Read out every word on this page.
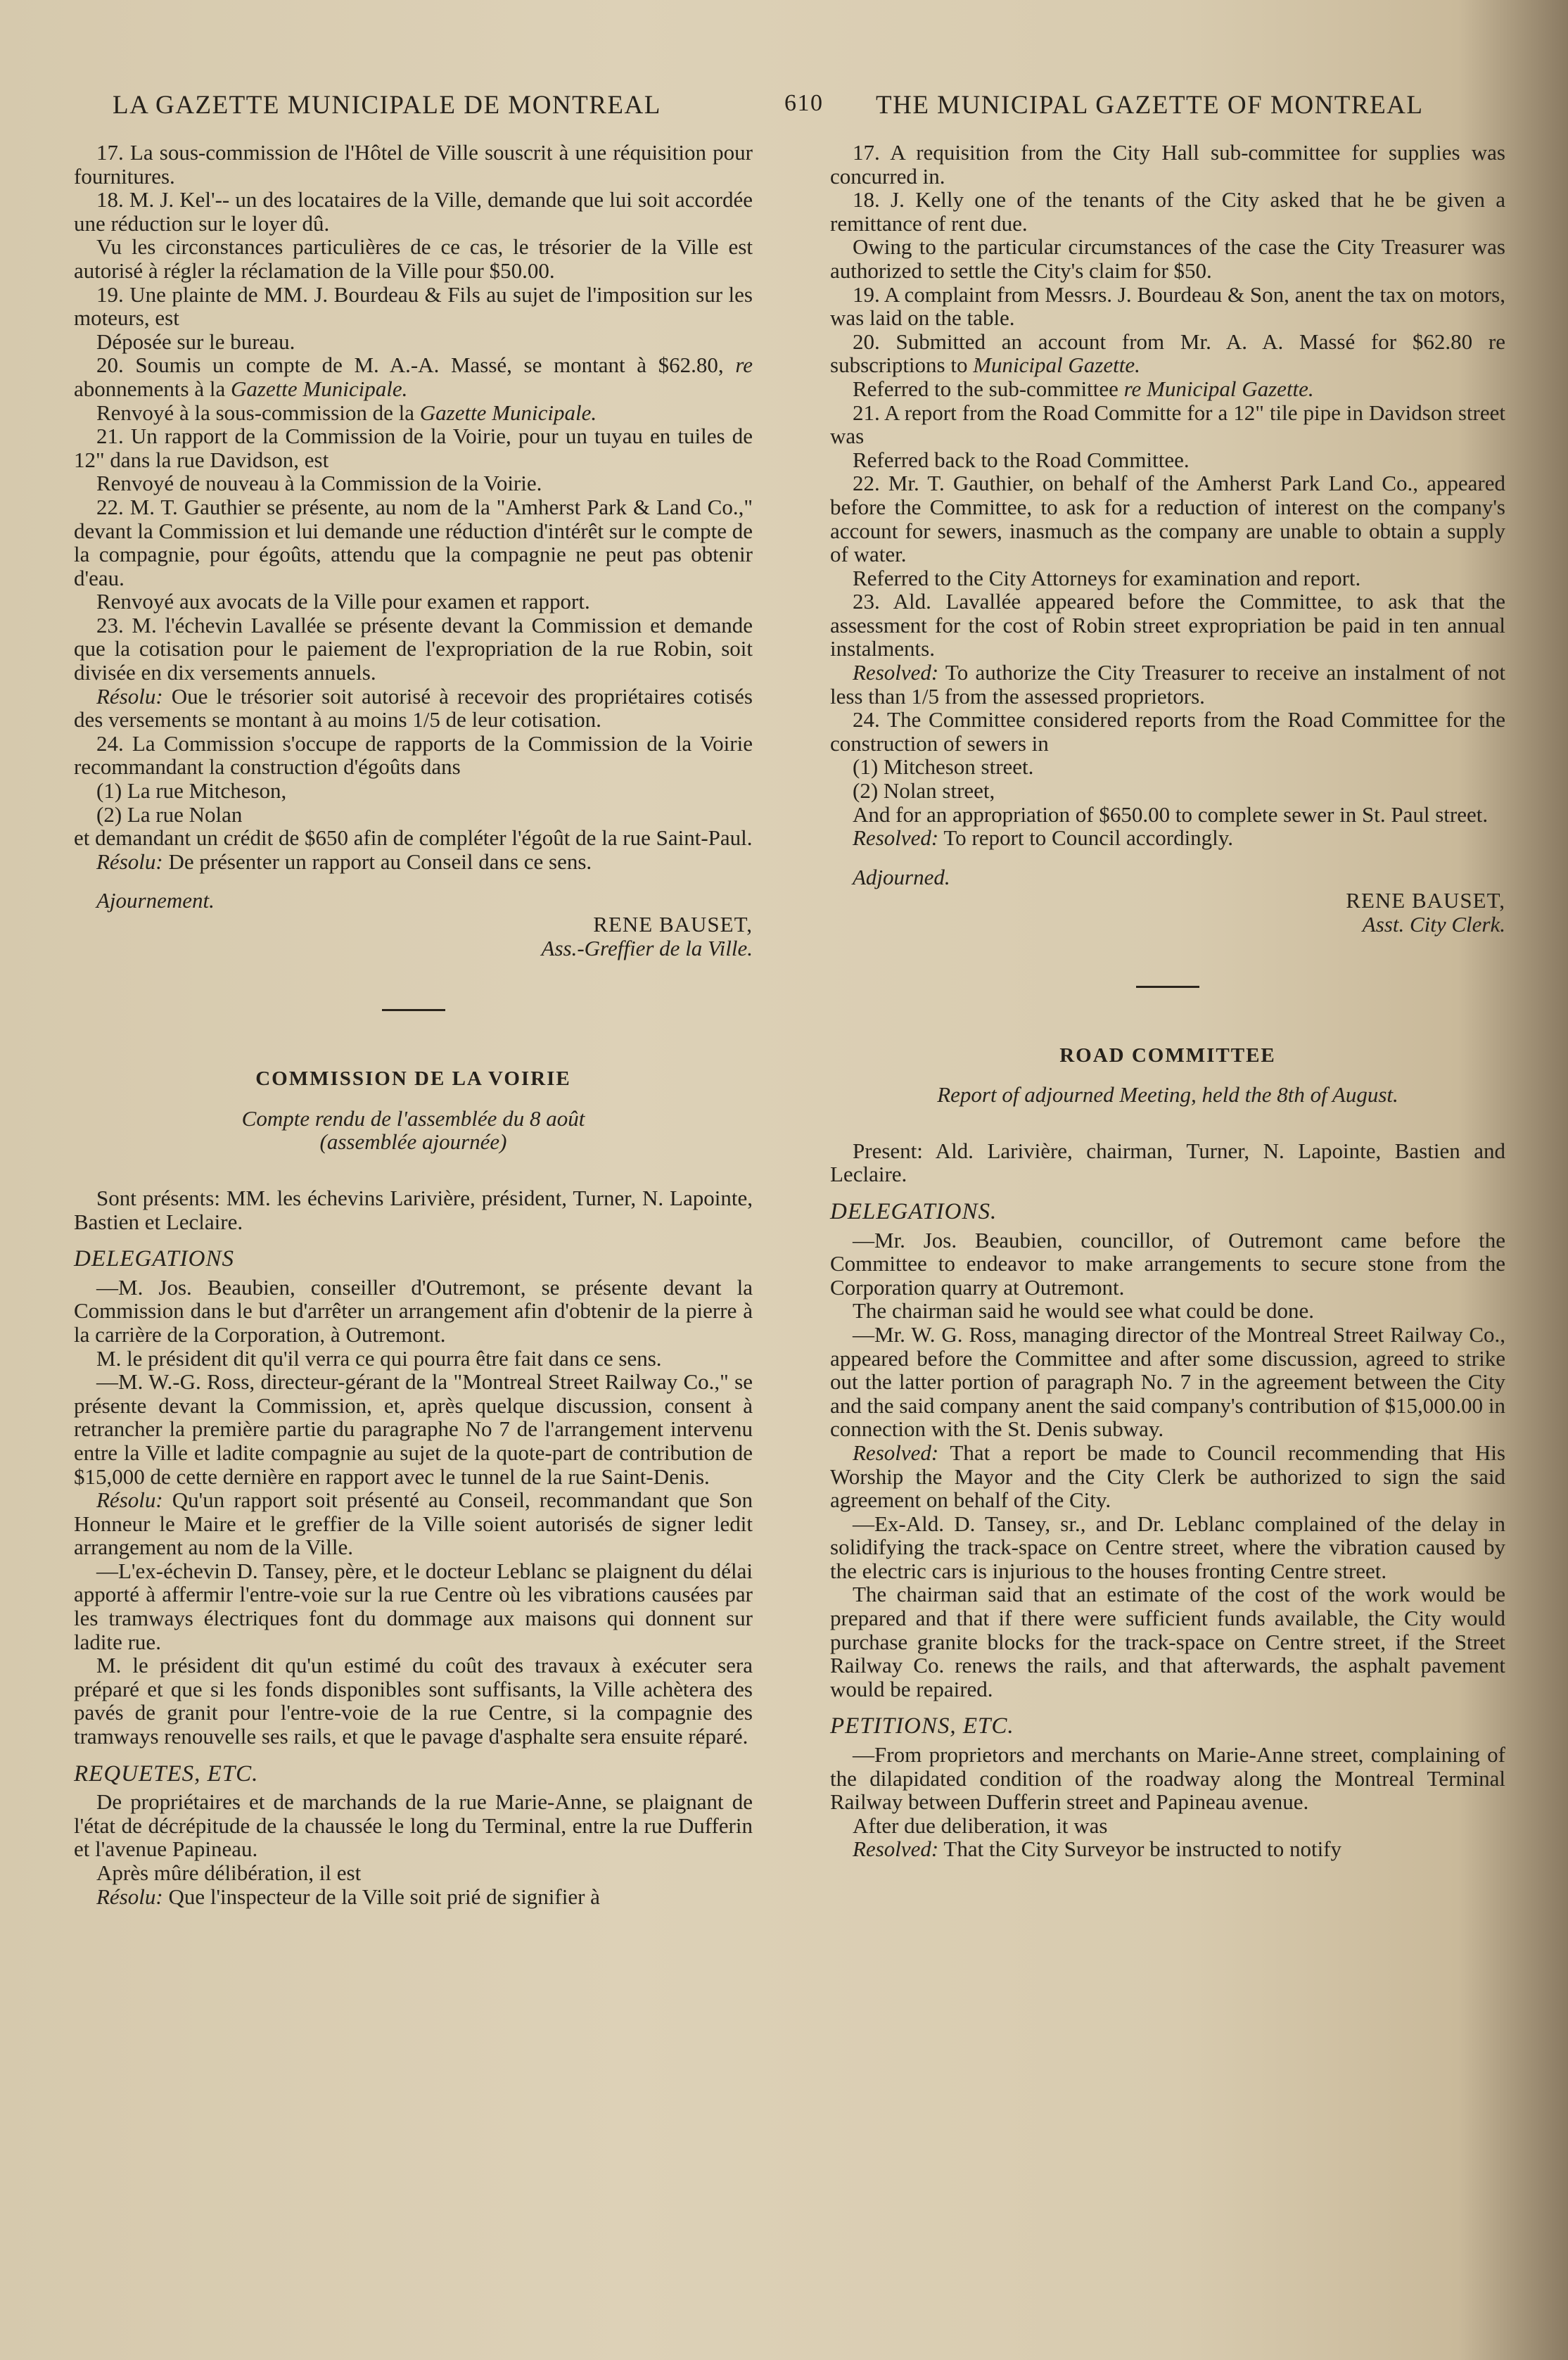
LA GAZETTE MUNICIPALE DE MONTREAL	610 THE MUNICIPAL GAZETTE OF MONTREAL

17. La sous-commission de l'Hôtel de Ville souscrit à une réquisition pour fournitures.

18. M. J. Kel'-- un des locataires de la Ville, demande que lui soit accordée une réduction sur le loyer dû.

Vu les circonstances particulières de ce cas, le trésorier de la Ville est autorisé à régler la réclamation de la Ville pour $50.00.

19. Une plainte de MM. J. Bourdeau & Fils au sujet de l'imposition sur les moteurs, est

Déposée sur le bureau.

20. Soumis un compte de M. A.-A. Massé, se montant à $62.80, re abonnements à la Gazette Municipale.

Renvoyé à la sous-commission de la Gazette Municipale.

21. Un rapport de la Commission de la Voirie, pour un tuyau en tuiles de 12" dans la rue Davidson, est

Renvoyé de nouveau à la Commission de la Voirie.

22. M. T. Gauthier se présente, au nom de la "Amherst Park & Land Co.," devant la Commission et lui demande une réduction d'intérêt sur le compte de la compagnie, pour égoûts, attendu que la compagnie ne peut pas obtenir d'eau.

Renvoyé aux avocats de la Ville pour examen et rapport.

23. M. l'échevin Lavallée se présente devant la Commission et demande que la cotisation pour le paiement de l'expropriation de la rue Robin, soit divisée en dix versements annuels.

Résolu: Oue le trésorier soit autorisé à recevoir des propriétaires cotisés des versements se montant à au moins 1/5 de leur cotisation.

24. La Commission s'occupe de rapports de la Commission de la Voirie recommandant la construction d'égoûts dans

(1) La rue Mitcheson,

(2) La rue Nolan

et demandant un crédit de $650 afin de compléter l'égoût de la rue Saint-Paul.

Résolu: De présenter un rapport au Conseil dans ce sens.

Ajournement.

RENE BAUSET,
Ass.-Greffier de la Ville.
COMMISSION DE LA VOIRIE
Compte rendu de l'assemblée du 8 août
(assemblée ajournée)

Sont présents: MM. les échevins Larivière, président, Turner, N. Lapointe, Bastien et Leclaire.

DELEGATIONS

—M. Jos. Beaubien, conseiller d'Outremont, se présente devant la Commission dans le but d'arrêter un arrangement afin d'obtenir de la pierre à la carrière de la Corporation, à Outremont.

M. le président dit qu'il verra ce qui pourra être fait dans ce sens.

—M. W.-G. Ross, directeur-gérant de la "Montreal Street Railway Co.," se présente devant la Commission, et, après quelque discussion, consent à retrancher la première partie du paragraphe No 7 de l'arrangement intervenu entre la Ville et ladite compagnie au sujet de la quote-part de contribution de $15,000 de cette dernière en rapport avec le tunnel de la rue Saint-Denis.

Résolu: Qu'un rapport soit présenté au Conseil, recommandant que Son Honneur le Maire et le greffier de la Ville soient autorisés de signer ledit arrangement au nom de la Ville.

—L'ex-échevin D. Tansey, père, et le docteur Leblanc se plaignent du délai apporté à affermir l'entre-voie sur la rue Centre où les vibrations causées par les tramways électriques font du dommage aux maisons qui donnent sur ladite rue.

M. le président dit qu'un estimé du coût des travaux à exécuter sera préparé et que si les fonds disponibles sont suffisants, la Ville achètera des pavés de granit pour l'entre-voie de la rue Centre, si la compagnie des tramways renouvelle ses rails, et que le pavage d'asphalte sera ensuite réparé.

REQUETES, ETC.

De propriétaires et de marchands de la rue Marie-Anne, se plaignant de l'état de décrépitude de la chaussée le long du Terminal, entre la rue Dufferin et l'avenue Papineau.

Après mûre délibération, il est

Résolu: Que l'inspecteur de la Ville soit prié de signifier à

17. A requisition from the City Hall sub-committee for supplies was concurred in.

18. J. Kelly one of the tenants of the City asked that he be given a remittance of rent due.

Owing to the particular circumstances of the case the City Treasurer was authorized to settle the City's claim for $50.

19. A complaint from Messrs. J. Bourdeau & Son, anent the tax on motors, was laid on the table.

20. Submitted an account from Mr. A. A. Massé for $62.80 re subscriptions to Municipal Gazette.

Referred to the sub-committee re Municipal Gazette.

21. A report from the Road Committe for a 12" tile pipe in Davidson street was

Referred back to the Road Committee.

22. Mr. T. Gauthier, on behalf of the Amherst Park Land Co., appeared before the Committee, to ask for a reduction of interest on the company's account for sewers, inasmuch as the company are unable to obtain a supply of water.

Referred to the City Attorneys for examination and report.

23. Ald. Lavallée appeared before the Committee, to ask that the assessment for the cost of Robin street expropriation be paid in ten annual instalments.

Resolved: To authorize the City Treasurer to receive an instalment of not less than 1/5 from the assessed proprietors.

24. The Committee considered reports from the Road Committee for the construction of sewers in

(1) Mitcheson street.

(2) Nolan street,

And for an appropriation of $650.00 to complete sewer in St. Paul street.

Resolved: To report to Council accordingly.

Adjourned.

RENE BAUSET,
Asst. City Clerk.
ROAD COMMITTEE
Report of adjourned Meeting, held the 8th of August.

Present: Ald. Larivière, chairman, Turner, N. Lapointe, Bastien and Leclaire.

DELEGATIONS.

—Mr. Jos. Beaubien, councillor, of Outremont came before the Committee to endeavor to make arrangements to secure stone from the Corporation quarry at Outremont.

The chairman said he would see what could be done.

—Mr. W. G. Ross, managing director of the Montreal Street Railway Co., appeared before the Committee and after some discussion, agreed to strike out the latter portion of paragraph No. 7 in the agreement between the City and the said company anent the said company's contribution of $15,000.00 in connection with the St. Denis subway.

Resolved: That a report be made to Council recommending that His Worship the Mayor and the City Clerk be authorized to sign the said agreement on behalf of the City.

—Ex-Ald. D. Tansey, sr., and Dr. Leblanc complained of the delay in solidifying the track-space on Centre street, where the vibration caused by the electric cars is injurious to the houses fronting Centre street.

The chairman said that an estimate of the cost of the work would be prepared and that if there were sufficient funds available, the City would purchase granite blocks for the track-space on Centre street, if the Street Railway Co. renews the rails, and that afterwards, the asphalt pavement would be repaired.

PETITIONS, ETC.

—From proprietors and merchants on Marie-Anne street, complaining of the dilapidated condition of the roadway along the Montreal Terminal Railway between Dufferin street and Papineau avenue.

After due deliberation, it was

Resolved: That the City Surveyor be instructed to notify
